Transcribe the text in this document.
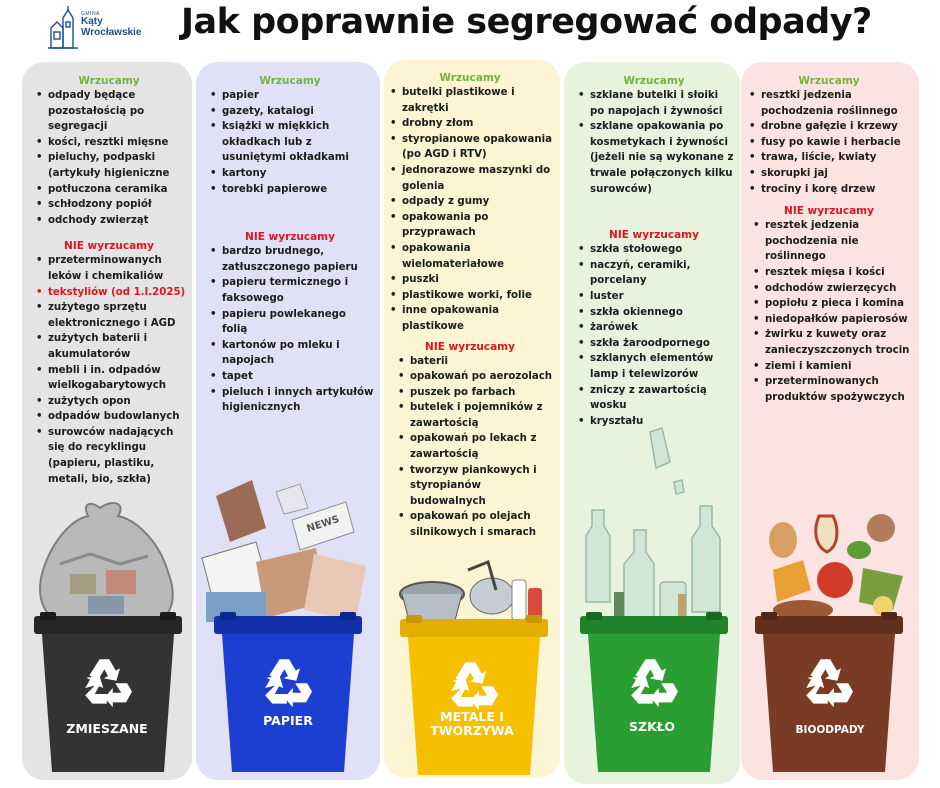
GMINA
Kąty
Wrocławskie Jak poprawnie segregować odpady?
Wrzucamy
• odpady będące pozostałością po segregacji
• kości, resztki mięsne
• pieluchy, podpaski (artykuły higieniczne
• potłuczona ceramika
• schłodzony popiół
• odchody zwierząt
NIE wyrzucamy
• przeterminowanych leków i chemikaliów
• tekstyliów (od 1.I.2025)
• zużytego sprzętu elektronicznego i AGD
• zużytych baterii i akumulatorów
• mebli i in. odpadów wielkogabarytowych
• zużytych opon
• odpadów budowlanych
• surowców nadających się do recyklingu (papieru, plastiku, metali, bio, szkła)
ZMIESZANE
Wrzucamy
• papier
• gazety, katalogi
• książki w miękkich okładkach lub z usuniętymi okładkami
• kartony
• torebki papierowe
NIE wyrzucamy
• bardzo brudnego, zatłuszczonego papieru
• papieru termicznego i faksowego
• papieru powlekanego folią
• kartonów po mleku i napojach
• tapet
• pieluch i innych artykułów higienicznych
NEWS
PAPIER
Wrzucamy
• butelki plastikowe i zakrętki
• drobny złom
• styropianowe opakowania (po AGD i RTV)
• jednorazowe maszynki do golenia
• odpady z gumy
• opakowania po przyprawach
• opakowania wielomateriałowe
• puszki
• plastikowe worki, folie
• inne opakowania plastikowe
NIE wyrzucamy
• baterii
• opakowań po aerozolach
• puszek po farbach
• butelek i pojemników z zawartością
• opakowań po lekach z zawartością
• tworzyw piankowych i styropianów budowalnych
• opakowań po olejach silnikowych i smarach
METALE I
TWORZYWA
Wrzucamy
• szklane butelki i słoiki po napojach i żywności
• szklane opakowania po kosmetykach i żywności (jeżeli nie są wykonane z trwale połączonych kilku surowców)
NIE wyrzucamy
• szkła stołowego
• naczyń, ceramiki, porcelany
• luster
• szkła okiennego
• żarówek
• szkła żaroodpornego
• szklanych elementów lamp i telewizorów
• zniczy z zawartością wosku
• kryształu
SZKŁO
Wrzucamy
• resztki jedzenia pochodzenia roślinnego
• drobne gałęzie i krzewy
• fusy po kawie i herbacie
• trawa, liście, kwiaty
• skorupki jaj
• trociny i korę drzew
NIE wyrzucamy
• resztek jedzenia pochodzenia nie roślinnego
• resztek mięsa i kości
• odchodów zwierzęcych
• popiołu z pieca i komina
• niedopałków papierosów
• żwirku z kuwety oraz zanieczyszczonych trocin
• ziemi i kamieni
• przeterminowanych produktów spożywczych
BIOODPADY
